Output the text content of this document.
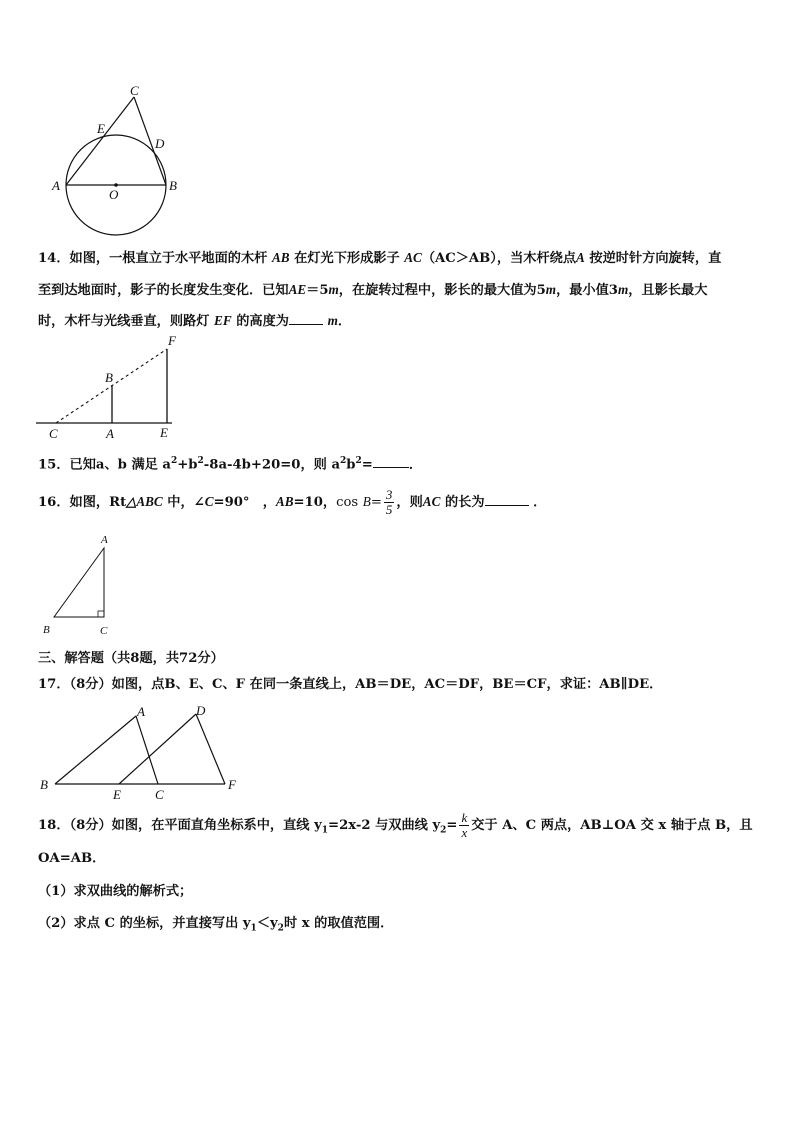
C
E
D
A	B
O
14．如图，一根直立于水平地面的木杆 AB 在灯光下形成影子 AC（AC＞AB），当木杆绕点A 按逆时针方向旋转，直
至到达地面时，影子的长度发生变化．已知AE＝5m，在旋转过程中，影长的最大值为5m，最小值3m，且影长最大
时，木杆与光线垂直，则路灯 EF 的高度为	m．
F
B
C	A	E
15．已知a、b 满足 $a^2+b^2-8a-4b+20=0$，则 $a^2b^2=$	．
16．如图，Rt△ABC 中，∠C=90°　，AB=10，$\cos B= \frac{3}{5}$ ，则AC 的长为	．
A
B	C
三、解答题（共8题，共72分）
17．（8分）如图，点B、E、C、F 在同一条直线上，AB＝DE，AC＝DF，BE＝CF，求证：AB∥DE．
A	D
B
E	C
F
18．（8分）如图，在平面直角坐标系中，直线 $y_1=2x-2$ 与双曲线 $y_2= \frac{k}{x}$ 交于 A、C 两点，AB⊥OA 交 x 轴于点 B，且
OA=AB．
（1）求双曲线的解析式；
（2）求点 C 的坐标，并直接写出 $y_1<y_2$时 x 的取值范围．
